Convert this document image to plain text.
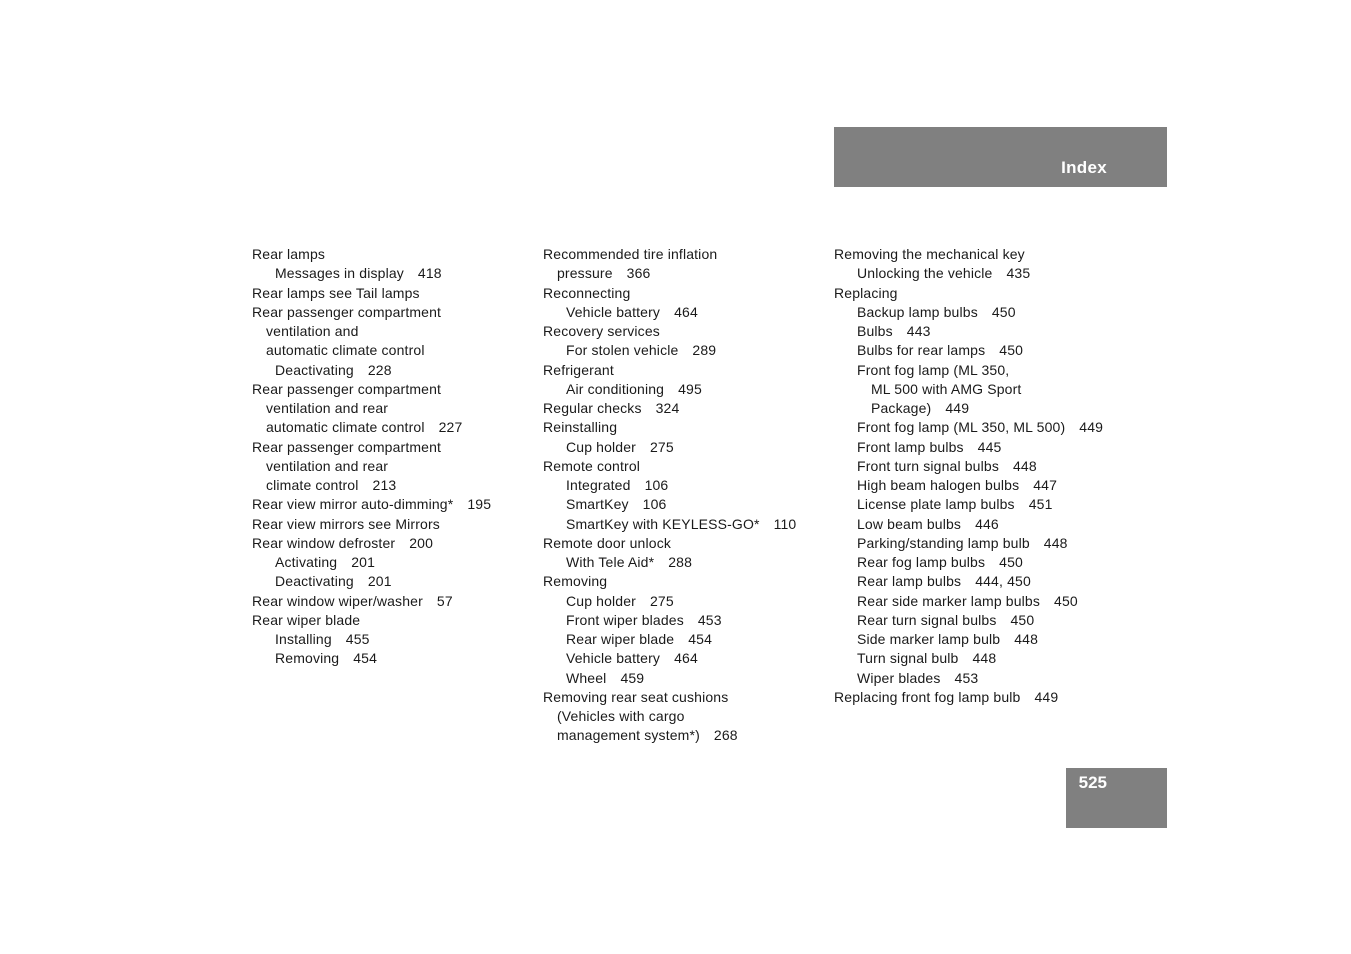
Index
Rear lamps
Messages in display 418
Rear lamps see Tail lamps
Rear passenger compartment
ventilation and
automatic climate control
Deactivating 228
Rear passenger compartment
ventilation and rear
automatic climate control 227
Rear passenger compartment
ventilation and rear
climate control 213
Rear view mirror auto-dimming* 195
Rear view mirrors see Mirrors
Rear window defroster 200
Activating 201
Deactivating 201
Rear window wiper/washer 57
Rear wiper blade
Installing 455
Removing 454
Recommended tire inflation
pressure 366
Reconnecting
Vehicle battery 464
Recovery services
For stolen vehicle 289
Refrigerant
Air conditioning 495
Regular checks 324
Reinstalling
Cup holder 275
Remote control
Integrated 106
SmartKey 106
SmartKey with KEYLESS-GO* 110
Remote door unlock
With Tele Aid* 288
Removing
Cup holder 275
Front wiper blades 453
Rear wiper blade 454
Vehicle battery 464
Wheel 459
Removing rear seat cushions
(Vehicles with cargo
management system*) 268
Removing the mechanical key
Unlocking the vehicle 435
Replacing
Backup lamp bulbs 450
Bulbs 443
Bulbs for rear lamps 450
Front fog lamp (ML 350,
ML 500 with AMG Sport
Package) 449
Front fog lamp (ML 350, ML 500) 449
Front lamp bulbs 445
Front turn signal bulbs 448
High beam halogen bulbs 447
License plate lamp bulbs 451
Low beam bulbs 446
Parking/standing lamp bulb 448
Rear fog lamp bulbs 450
Rear lamp bulbs 444, 450
Rear side marker lamp bulbs 450
Rear turn signal bulbs 450
Side marker lamp bulb 448
Turn signal bulb 448
Wiper blades 453
Replacing front fog lamp bulb 449
525
